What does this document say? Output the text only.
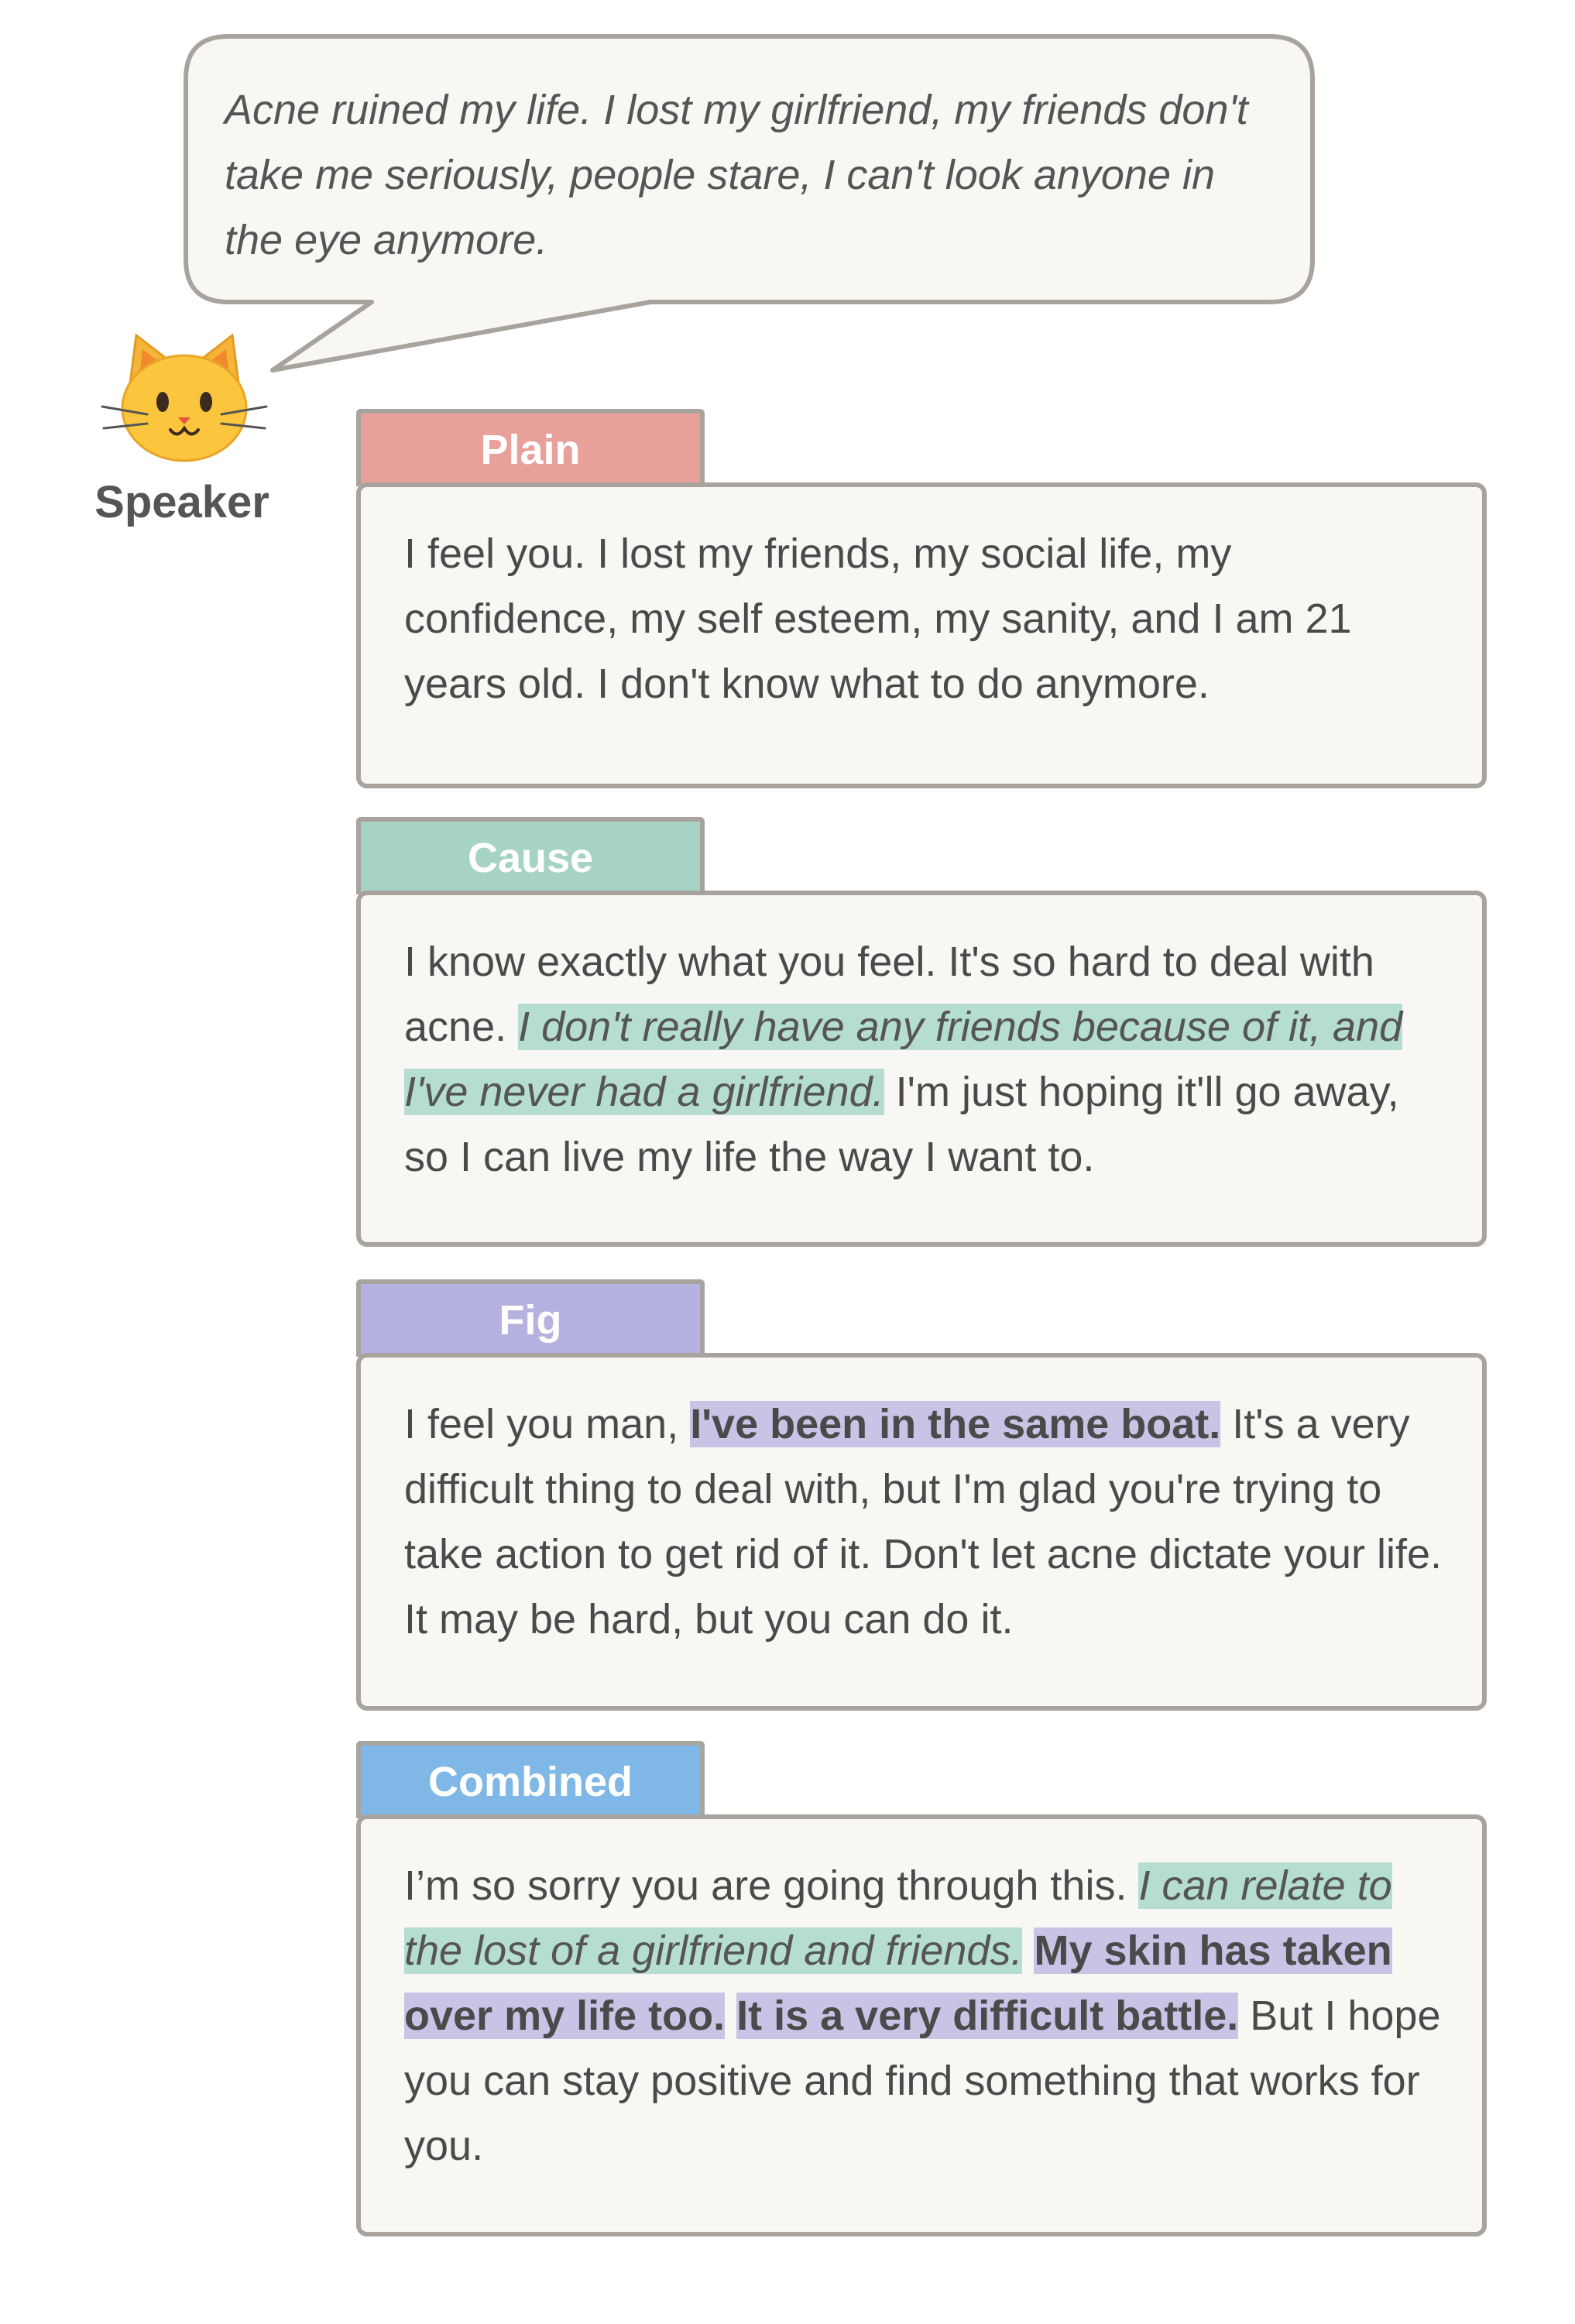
Acne ruined my life. I lost my girlfriend, my friends don't take me seriously, people stare, I can't look anyone in the eye anymore.
Speaker
Plain
I feel you. I lost my friends, my social life, my confidence, my self esteem, my sanity, and I am 21 years old. I don't know what to do anymore.
Cause
I know exactly what you feel. It's so hard to deal with acne. I don't really have any friends because of it, and I've never had a girlfriend. I'm just hoping it'll go away, so I can live my life the way I want to.
Fig
I feel you man, I've been in the same boat. It's a very difficult thing to deal with, but I'm glad you're trying to take action to get rid of it. Don't let acne dictate your life. It may be hard, but you can do it.
Combined
I’m so sorry you are going through this. I can relate to the lost of a girlfriend and friends. My skin has taken over my life too. It is a very difficult battle. But I hope you can stay positive and find something that works for you.
